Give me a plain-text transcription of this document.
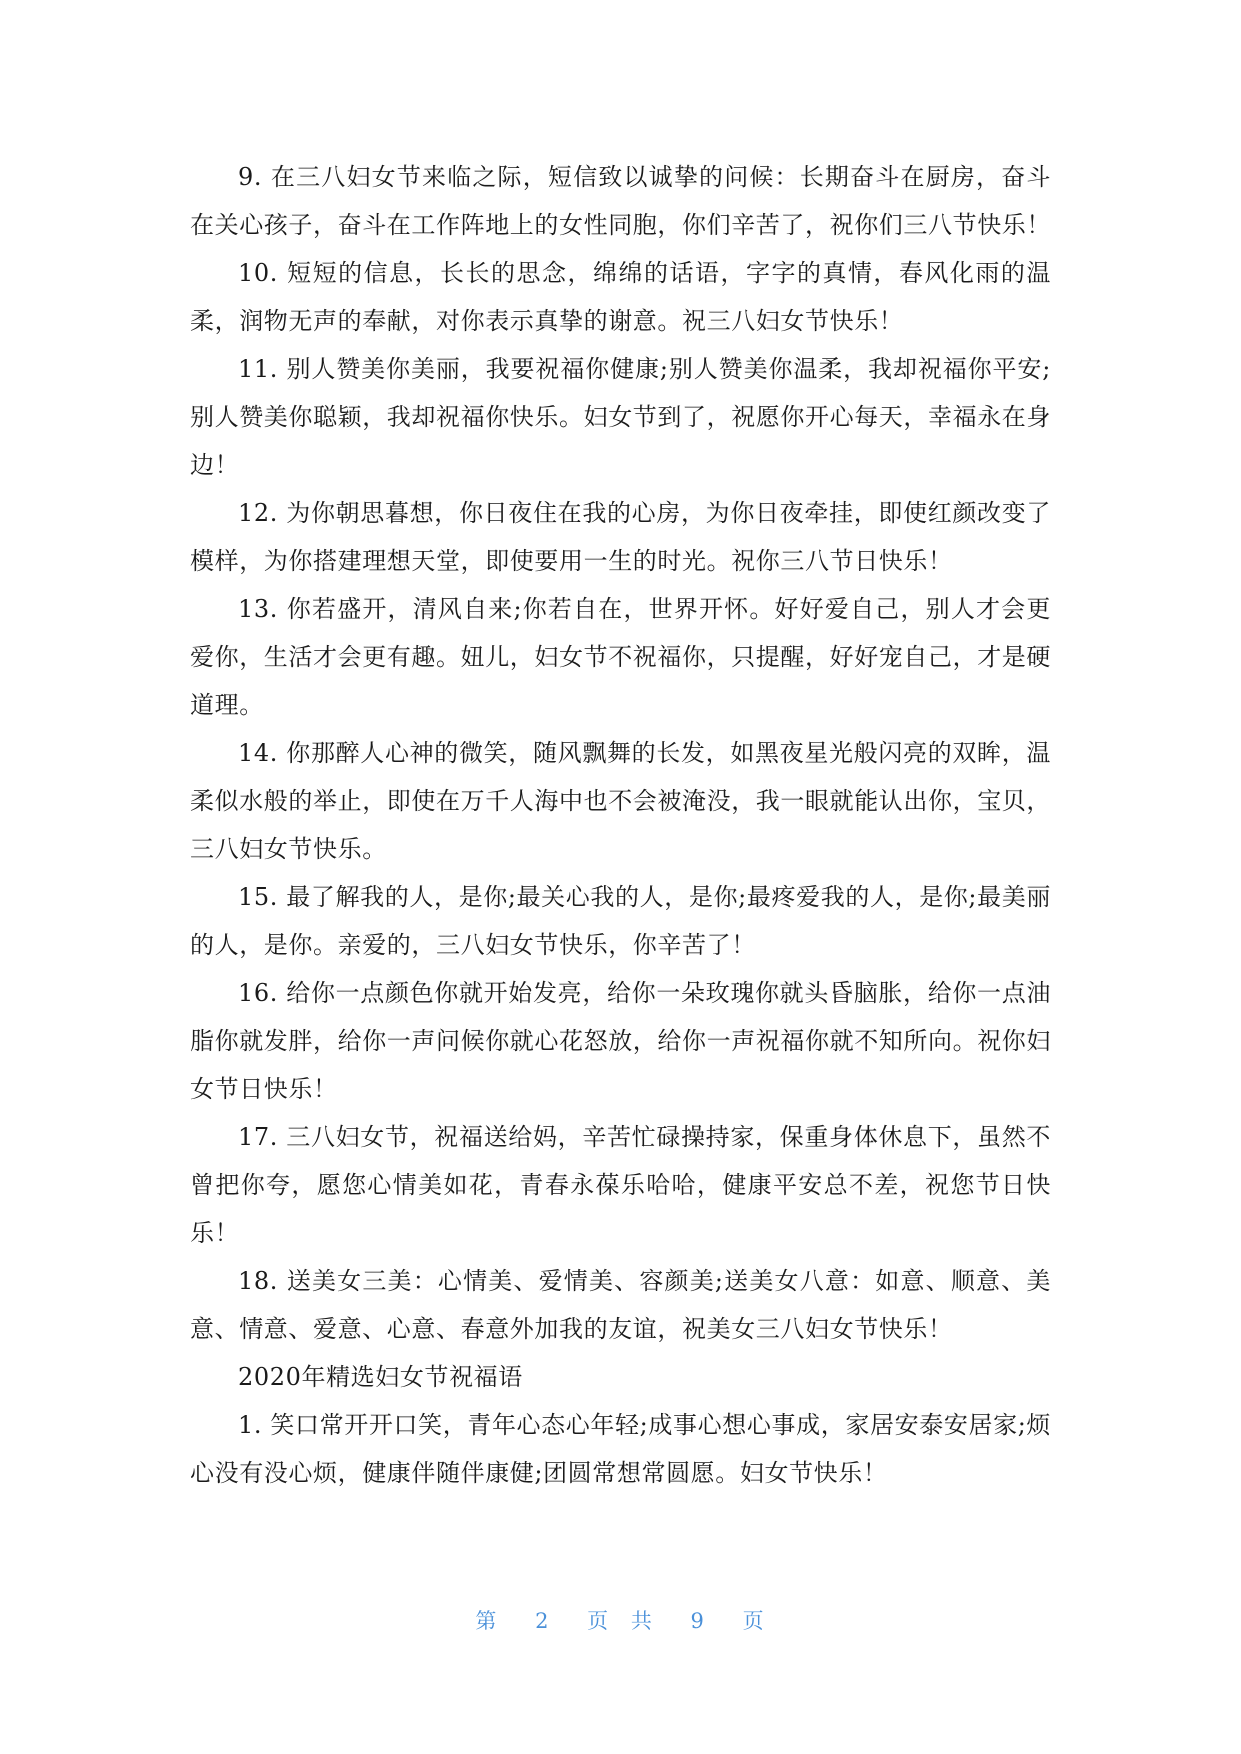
9. 在三八妇女节来临之际，短信致以诚挚的问候：长期奋斗在厨房，奋斗在关心孩子，奋斗在工作阵地上的女性同胞，你们辛苦了，祝你们三八节快乐！

10. 短短的信息，长长的思念，绵绵的话语，字字的真情，春风化雨的温柔，润物无声的奉献，对你表示真挚的谢意。祝三八妇女节快乐！

11. 别人赞美你美丽，我要祝福你健康;别人赞美你温柔，我却祝福你平安;别人赞美你聪颖，我却祝福你快乐。妇女节到了，祝愿你开心每天，幸福永在身边！

12. 为你朝思暮想，你日夜住在我的心房，为你日夜牵挂，即使红颜改变了模样，为你搭建理想天堂，即使要用一生的时光。祝你三八节日快乐！

13. 你若盛开，清风自来;你若自在，世界开怀。好好爱自己，别人才会更爱你，生活才会更有趣。妞儿，妇女节不祝福你，只提醒，好好宠自己，才是硬道理。

14. 你那醉人心神的微笑，随风飘舞的长发，如黑夜星光般闪亮的双眸，温柔似水般的举止，即使在万千人海中也不会被淹没，我一眼就能认出你，宝贝，三八妇女节快乐。

15. 最了解我的人，是你;最关心我的人，是你;最疼爱我的人，是你;最美丽的人，是你。亲爱的，三八妇女节快乐，你辛苦了！

16. 给你一点颜色你就开始发亮，给你一朵玫瑰你就头昏脑胀，给你一点油脂你就发胖，给你一声问候你就心花怒放，给你一声祝福你就不知所向。祝你妇女节日快乐！

17. 三八妇女节，祝福送给妈，辛苦忙碌操持家，保重身体休息下，虽然不曾把你夸，愿您心情美如花，青春永葆乐哈哈，健康平安总不差，祝您节日快乐！

18. 送美女三美：心情美、爱情美、容颜美;送美女八意：如意、顺意、美意、情意、爱意、心意、春意外加我的友谊，祝美女三八妇女节快乐！

2020年精选妇女节祝福语

1. 笑口常开开口笑，青年心态心年轻;成事心想心事成，家居安泰安居家;烦心没有没心烦，健康伴随伴康健;团圆常想常圆愿。妇女节快乐！

第 2 页 共 9 页
